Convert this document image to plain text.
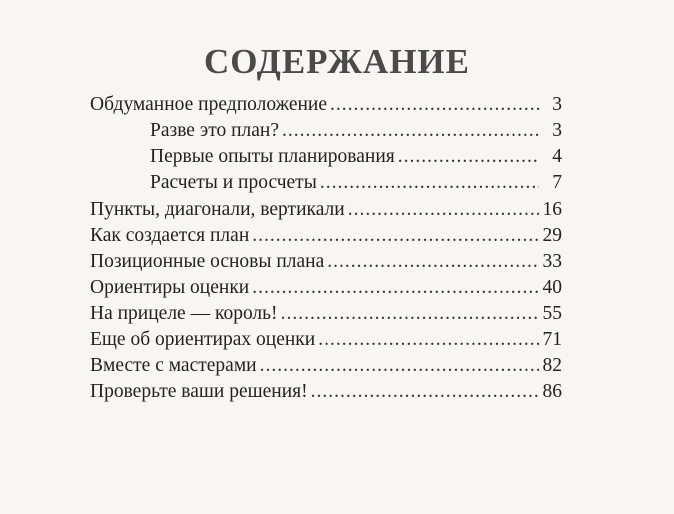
СОДЕРЖАНИЕ
Обдуманное предположение .....	3
Разве это план? .....	3
Первые опыты планирования .....	4
Расчеты и просчеты .....	7
Пункты, диагонали, вертикали .....	16
Как создается план .....	29
Позиционные основы плана .....	33
Ориентиры оценки .....	40
На прицеле — король! .....	55
Еще об ориентирах оценки .....	71
Вместе с мастерами .....	82
Проверьте ваши решения! .....	86
